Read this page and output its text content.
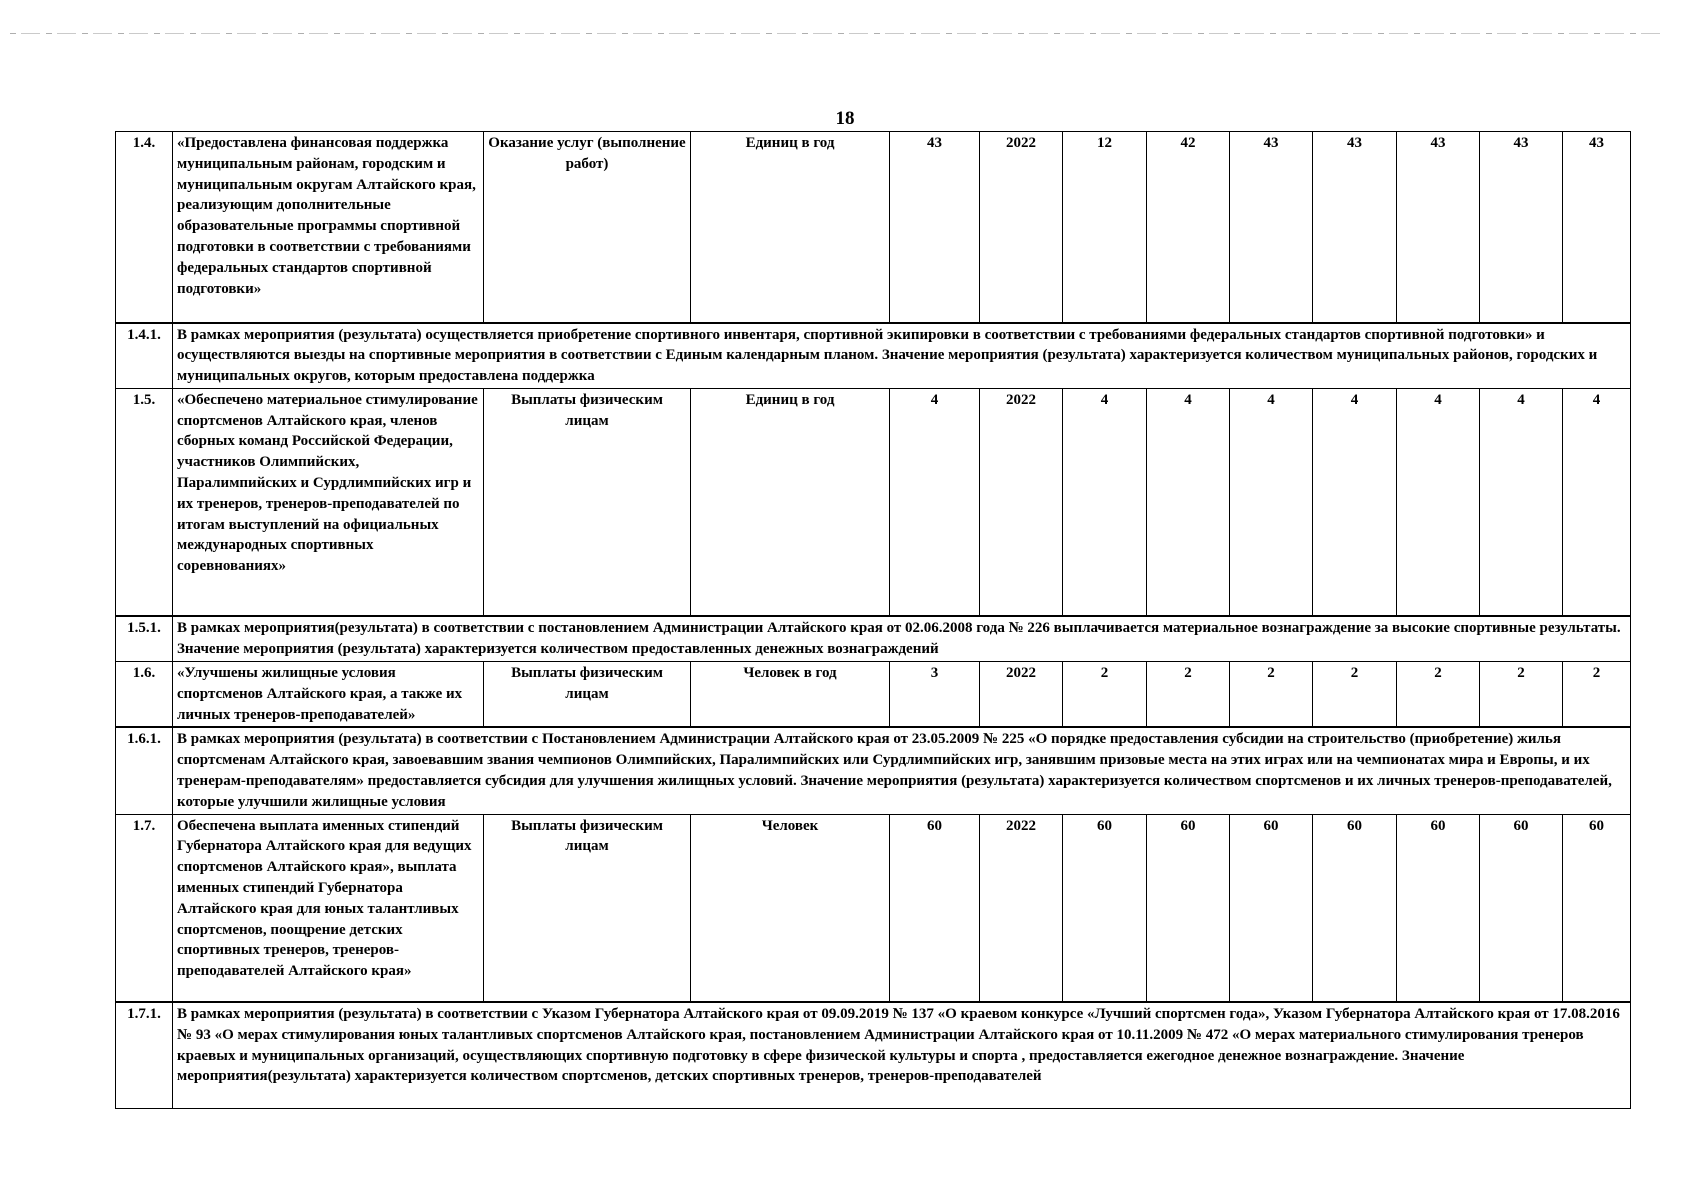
18
1.4.	«Предоставлена финансовая поддержка муниципальным районам, городским и муниципальным округам Алтайского края, реализующим дополнительные образовательные программы спортивной подготовки в соответствии с требованиями федеральных стандартов спортивной подготовки»	Оказание услуг (выполнение работ)	Единиц в год	43	2022	12	42	43	43	43	43	43
1.4.1.	В рамках мероприятия (результата) осуществляется приобретение спортивного инвентаря, спортивной экипировки в соответствии с требованиями федеральных стандартов спортивной подготовки» и осуществляются выезды на спортивные мероприятия в соответствии с Единым календарным планом. Значение мероприятия (результата) характеризуется количеством муниципальных районов, городских и муниципальных округов, которым предоставлена поддержка											
1.5.	«Обеспечено материальное стимулирование спортсменов Алтайского края, членов сборных команд Российской Федерации, участников Олимпийских, Паралимпийских и Сурдлимпийских игр и их тренеров, тренеров-преподавателей по итогам выступлений на официальных международных спортивных соревнованиях»	Выплаты физическим лицам	Единиц в год	4	2022	4	4	4	4	4	4	4
1.5.1.	В рамках мероприятия(результата) в соответствии с постановлением Администрации Алтайского края от 02.06.2008 года № 226 выплачивается материальное вознаграждение за высокие спортивные результаты. Значение мероприятия (результата) характеризуется количеством предоставленных денежных вознаграждений											
1.6.	«Улучшены жилищные условия спортсменов Алтайского края, а также их личных тренеров-преподавателей»	Выплаты физическим лицам	Человек в год	3	2022	2	2	2	2	2	2	2
1.6.1.	В рамках мероприятия (результата) в соответствии с Постановлением Администрации Алтайского края от 23.05.2009 № 225 «О порядке предоставления субсидии на строительство (приобретение) жилья спортсменам Алтайского края, завоевавшим звания чемпионов Олимпийских, Паралимпийских или Сурдлимпийских игр, занявшим призовые места на этих играх или на чемпионатах мира и Европы, и их тренерам-преподавателям» предоставляется субсидия для улучшения жилищных условий. Значение мероприятия (результата) характеризуется количеством спортсменов и их личных тренеров-преподавателей, которые улучшили жилищные условия											
1.7.	Обеспечена выплата именных стипендий Губернатора Алтайского края для ведущих спортсменов Алтайского края», выплата именных стипендий Губернатора Алтайского края для юных талантливых спортсменов, поощрение детских спортивных тренеров, тренеров-преподавателей Алтайского края»	Выплаты физическим лицам	Человек	60	2022	60	60	60	60	60	60	60
1.7.1.	В рамках мероприятия (результата) в соответствии с Указом Губернатора Алтайского края от 09.09.2019 № 137 «О краевом конкурсе «Лучший спортсмен года», Указом Губернатора Алтайского края от 17.08.2016 № 93 «О мерах стимулирования юных талантливых спортсменов Алтайского края, постановлением Администрации Алтайского края от 10.11.2009 № 472 «О мерах материального стимулирования тренеров краевых и муниципальных организаций, осуществляющих спортивную подготовку в сфере физической культуры и спорта , предоставляется ежегодное денежное вознаграждение. Значение мероприятия(результата) характеризуется количеством спортсменов, детских спортивных тренеров, тренеров-преподавателей											
